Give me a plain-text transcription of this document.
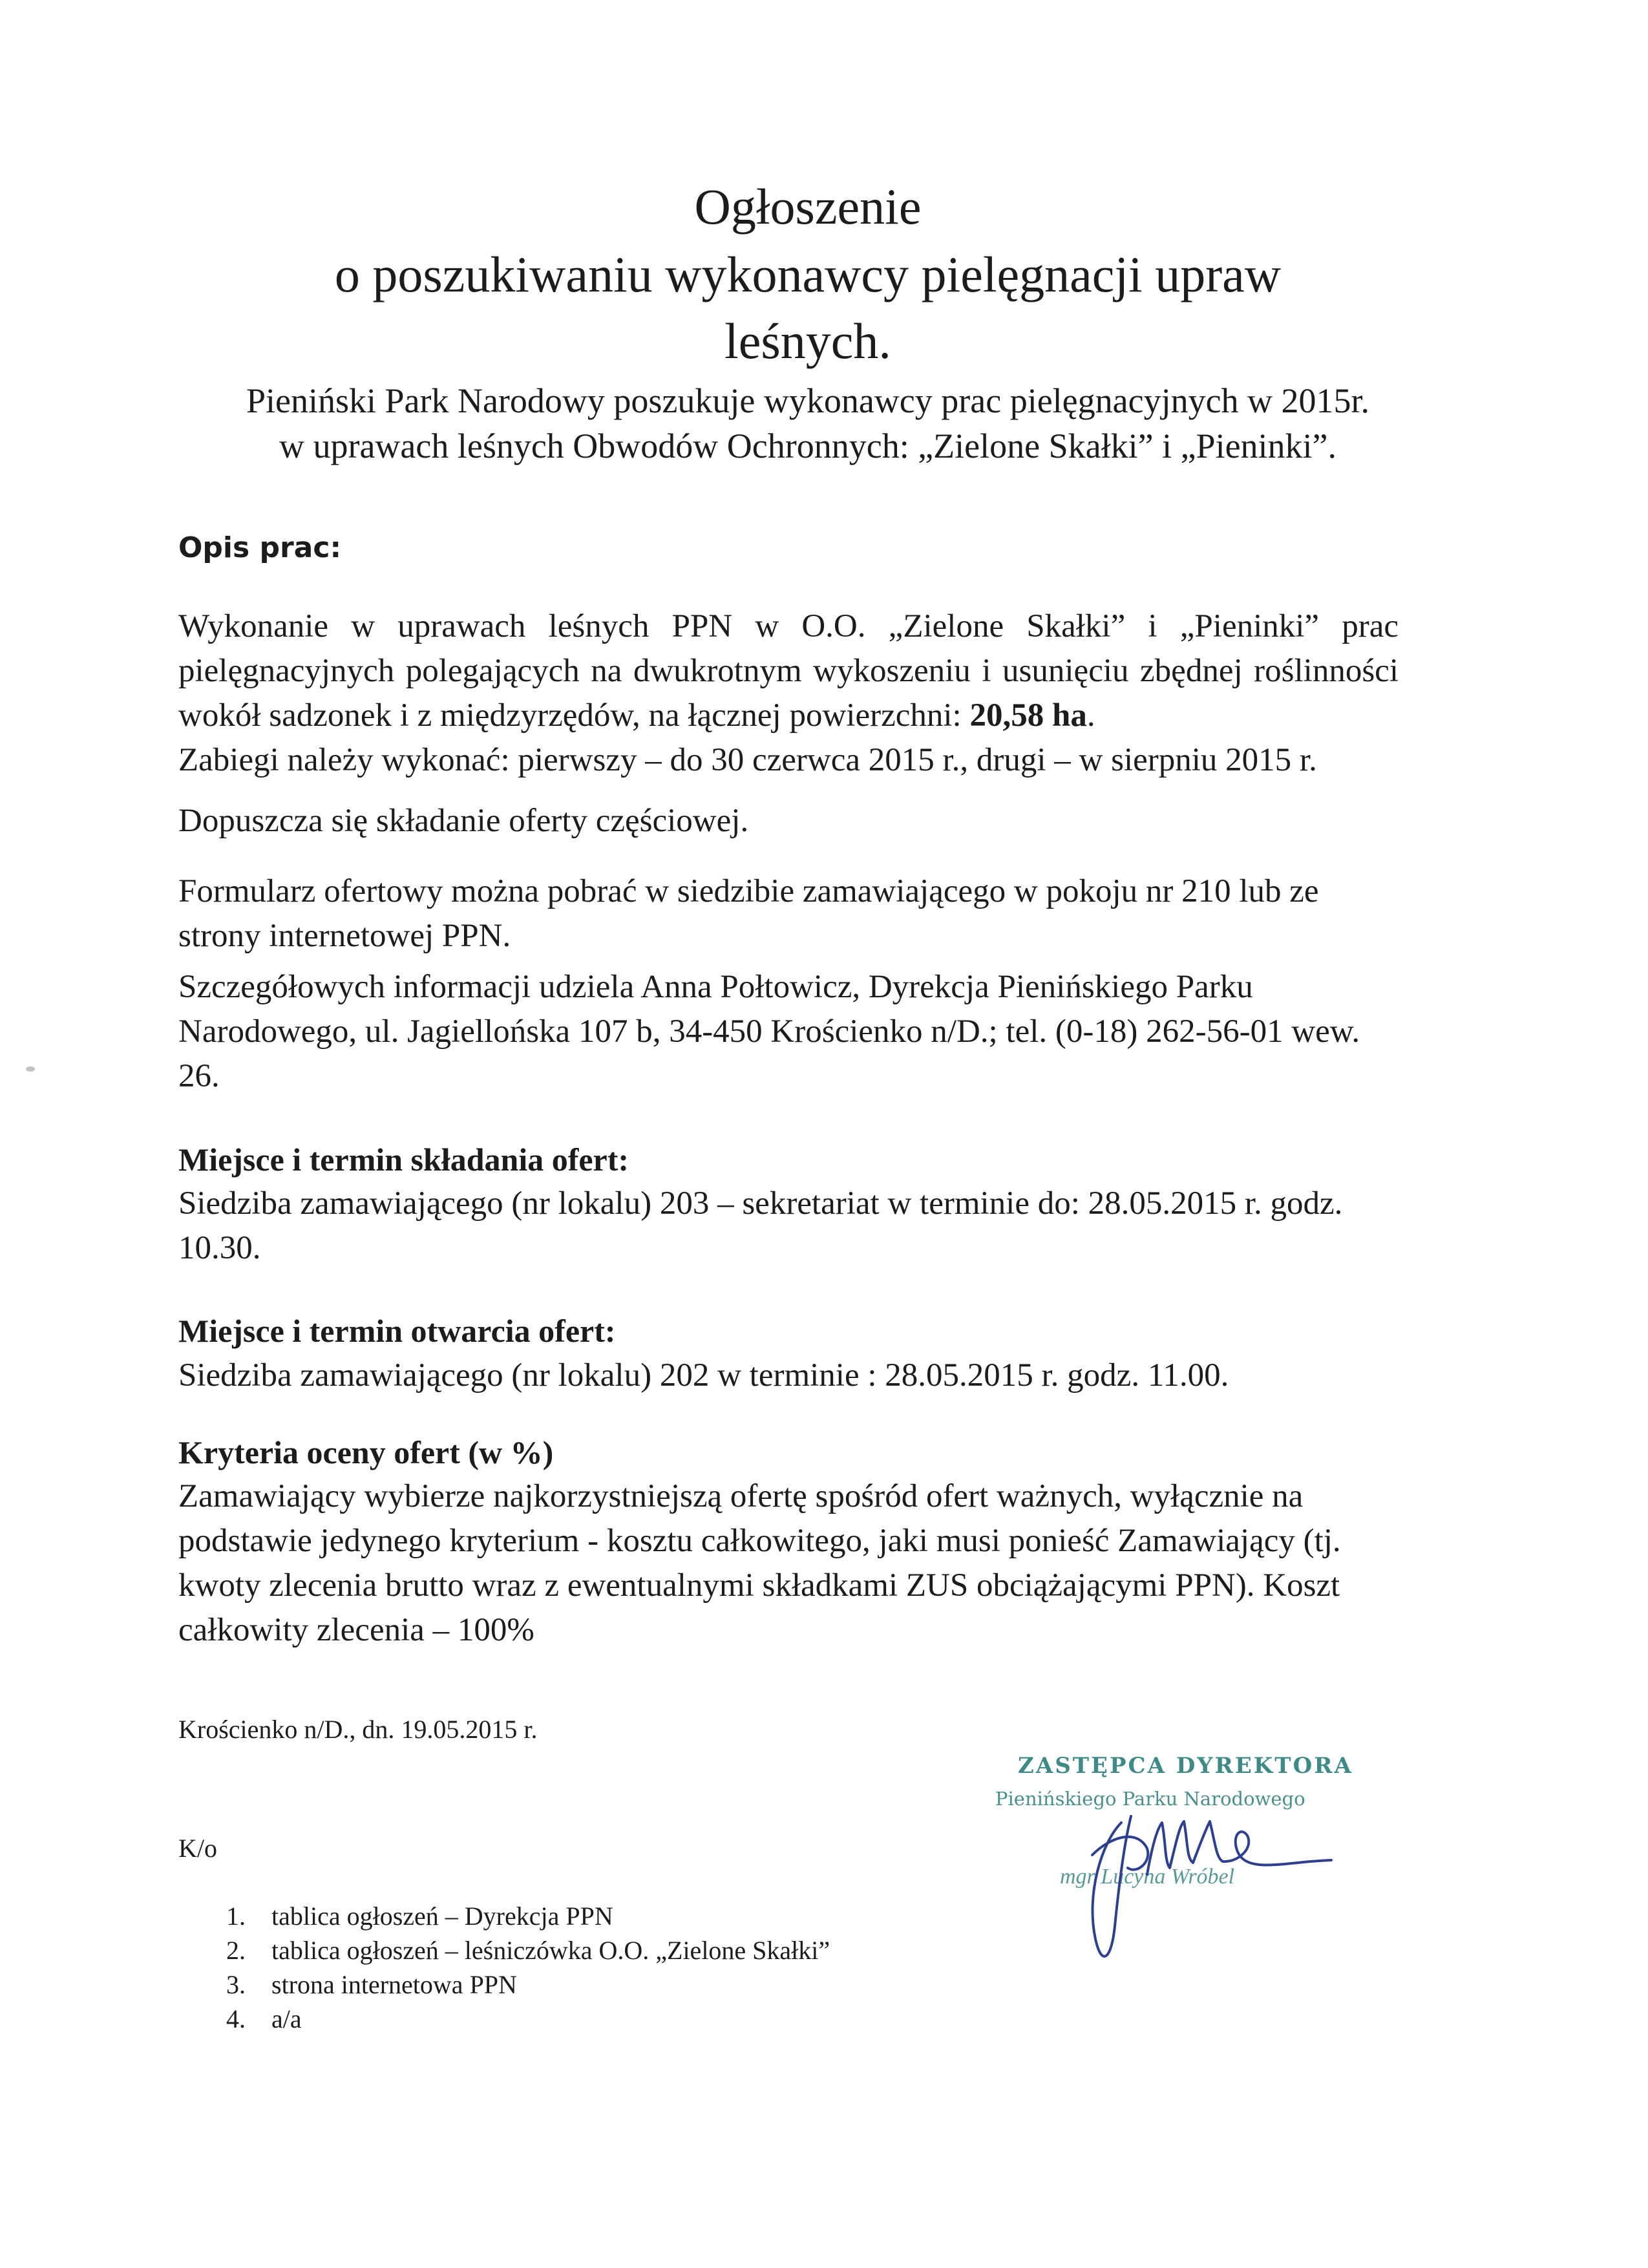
Ogłoszenie
o poszukiwaniu wykonawcy pielęgnacji upraw
leśnych.
Pieniński Park Narodowy poszukuje wykonawcy prac pielęgnacyjnych w 2015r.
w uprawach leśnych Obwodów Ochronnych: „Zielone Skałki” i „Pieninki”.
Opis prac:

Wykonanie w uprawach leśnych PPN w O.O. „Zielone Skałki” i „Pieninki” prac pielęgnacyjnych polegających na dwukrotnym wykoszeniu i usunięciu zbędnej roślinności wokół sadzonek i z międzyrzędów, na łącznej powierzchni: 20,58 ha.
Zabiegi należy wykonać: pierwszy – do 30 czerwca 2015 r., drugi – w sierpniu 2015 r.

Dopuszcza się składanie oferty częściowej.

Formularz ofertowy można pobrać w siedzibie zamawiającego w pokoju nr 210 lub ze strony internetowej PPN.

Szczegółowych informacji udziela Anna Połtowicz, Dyrekcja Pienińskiego Parku Narodowego, ul. Jagiellońska 107 b, 34-450 Krościenko n/D.; tel. (0-18) 262-56-01 wew. 26.

Miejsce i termin składania ofert:

Siedziba zamawiającego (nr lokalu) 203 – sekretariat w terminie do: 28.05.2015 r. godz. 10.30.

Miejsce i termin otwarcia ofert:

Siedziba zamawiającego (nr lokalu) 202 w terminie : 28.05.2015 r. godz. 11.00.

Kryteria oceny ofert (w %)

Zamawiający wybierze najkorzystniejszą ofertę spośród ofert ważnych, wyłącznie na podstawie jedynego kryterium - kosztu całkowitego, jaki musi ponieść Zamawiający (tj. kwoty zlecenia brutto wraz z ewentualnymi składkami ZUS obciążającymi PPN). Koszt całkowity zlecenia – 100%

Krościenko n/D., dn. 19.05.2015 r.
K/o
1. tablica ogłoszeń – Dyrekcja PPN
2. tablica ogłoszeń – leśniczówka O.O. „Zielone Skałki”
3. strona internetowa PPN
4. a/a
ZASTĘPCA DYREKTORA
Pienińskiego Parku Narodowego
mgr Lucyna Wróbel
